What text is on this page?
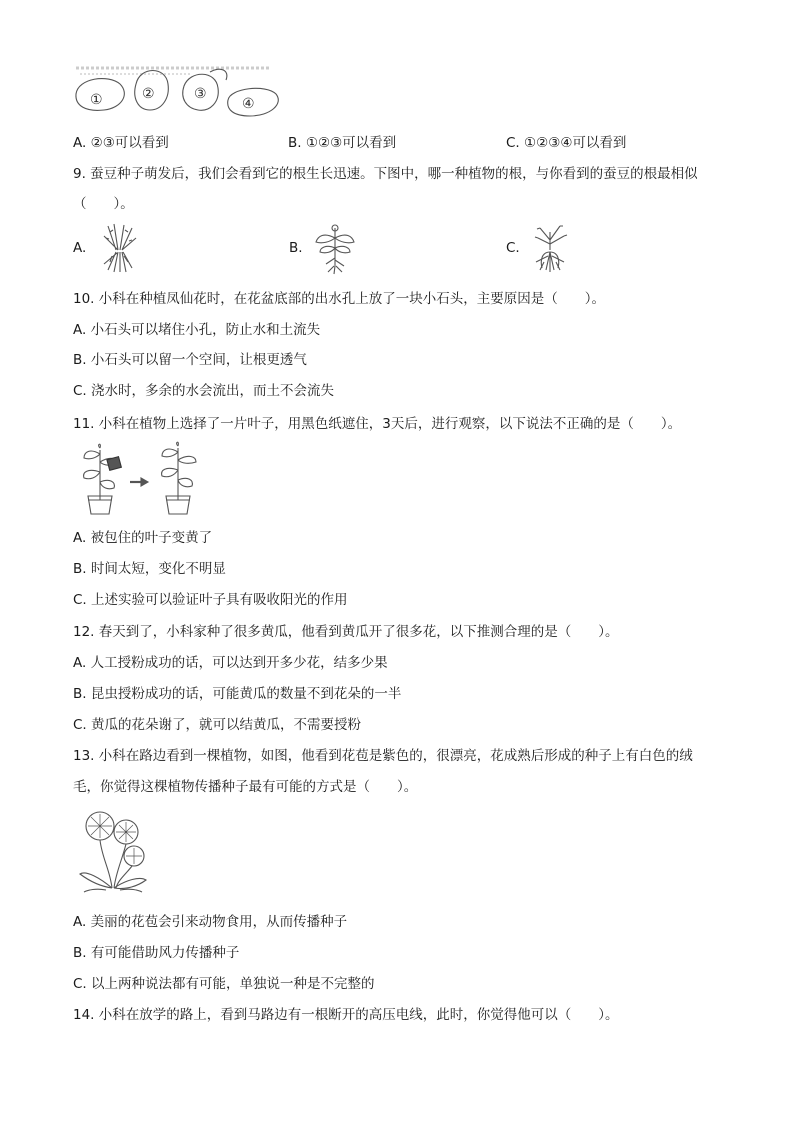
①	②	③
④
A. ②③可以看到	B. ①②③可以看到	C. ①②③④可以看到
9. 蚕豆种子萌发后，我们会看到它的根生长迅速。下图中，哪一种植物的根，与你看到的蚕豆的根最相似
（　　）。
A.	B.	C.
10. 小科在种植凤仙花时，在花盆底部的出水孔上放了一块小石头，主要原因是（　　）。
A. 小石头可以堵住小孔，防止水和土流失
B. 小石头可以留一个空间，让根更透气
C. 浇水时，多余的水会流出，而土不会流失
11. 小科在植物上选择了一片叶子，用黑色纸遮住，3天后，进行观察，以下说法不正确的是（　　）。
A. 被包住的叶子变黄了
B. 时间太短，变化不明显
C. 上述实验可以验证叶子具有吸收阳光的作用
12. 春天到了，小科家种了很多黄瓜，他看到黄瓜开了很多花，以下推测合理的是（　　）。
A. 人工授粉成功的话，可以达到开多少花，结多少果
B. 昆虫授粉成功的话，可能黄瓜的数量不到花朵的一半
C. 黄瓜的花朵谢了，就可以结黄瓜，不需要授粉
13. 小科在路边看到一棵植物，如图，他看到花苞是紫色的，很漂亮，花成熟后形成的种子上有白色的绒
毛，你觉得这棵植物传播种子最有可能的方式是（　　）。
A. 美丽的花苞会引来动物食用，从而传播种子
B. 有可能借助风力传播种子
C. 以上两种说法都有可能，单独说一种是不完整的
14. 小科在放学的路上，看到马路边有一根断开的高压电线，此时，你觉得他可以（　　）。
